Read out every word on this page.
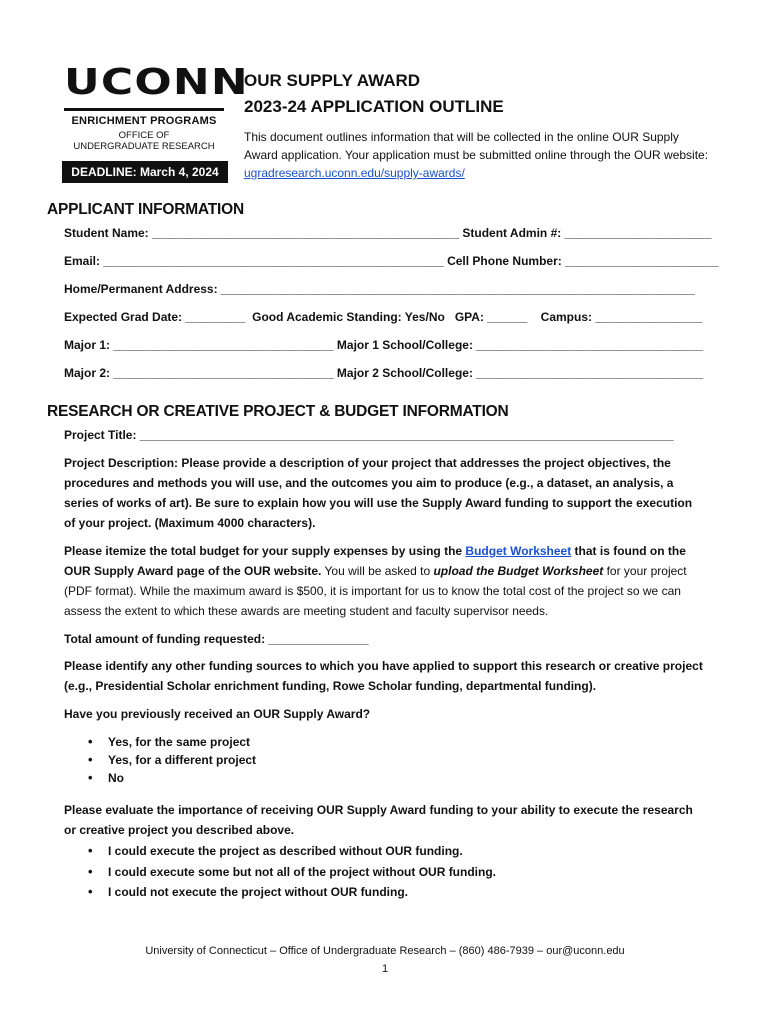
UCONN
ENRICHMENT PROGRAMS
OFFICE OF
UNDERGRADUATE RESEARCH
DEADLINE: March 4, 2024
OUR SUPPLY AWARD
2023-24 APPLICATION OUTLINE
This document outlines information that will be collected in the online OUR Supply Award application. Your application must be submitted online through the OUR website: ugradresearch.uconn.edu/supply-awards/
APPLICANT INFORMATION
Student Name: ______________________________________________ Student Admin #: ______________________
Email: ___________________________________________________ Cell Phone Number: _______________________
Home/Permanent Address: _______________________________________________________________________
Expected Grad Date: _________ Good Academic Standing: Yes/No GPA: ______ Campus: ________________
Major 1: _________________________________ Major 1 School/College: __________________________________
Major 2: _________________________________ Major 2 School/College: __________________________________
RESEARCH OR CREATIVE PROJECT & BUDGET INFORMATION
Project Title: ________________________________________________________________________________
Project Description: Please provide a description of your project that addresses the project objectives, the procedures and methods you will use, and the outcomes you aim to produce (e.g., a dataset, an analysis, a series of works of art). Be sure to explain how you will use the Supply Award funding to support the execution of your project. (Maximum 4000 characters).
Please itemize the total budget for your supply expenses by using the Budget Worksheet that is found on the OUR Supply Award page of the OUR website. You will be asked to upload the Budget Worksheet for your project (PDF format). While the maximum award is $500, it is important for us to know the total cost of the project so we can assess the extent to which these awards are meeting student and faculty supervisor needs.
Total amount of funding requested: _______________
Please identify any other funding sources to which you have applied to support this research or creative project (e.g., Presidential Scholar enrichment funding, Rowe Scholar funding, departmental funding).
Have you previously received an OUR Supply Award?
• Yes, for the same project
• Yes, for a different project
• No
Please evaluate the importance of receiving OUR Supply Award funding to your ability to execute the research or creative project you described above.
• I could execute the project as described without OUR funding.
• I could execute some but not all of the project without OUR funding.
• I could not execute the project without OUR funding.
University of Connecticut – Office of Undergraduate Research – (860) 486-7939 – our@uconn.edu
1
